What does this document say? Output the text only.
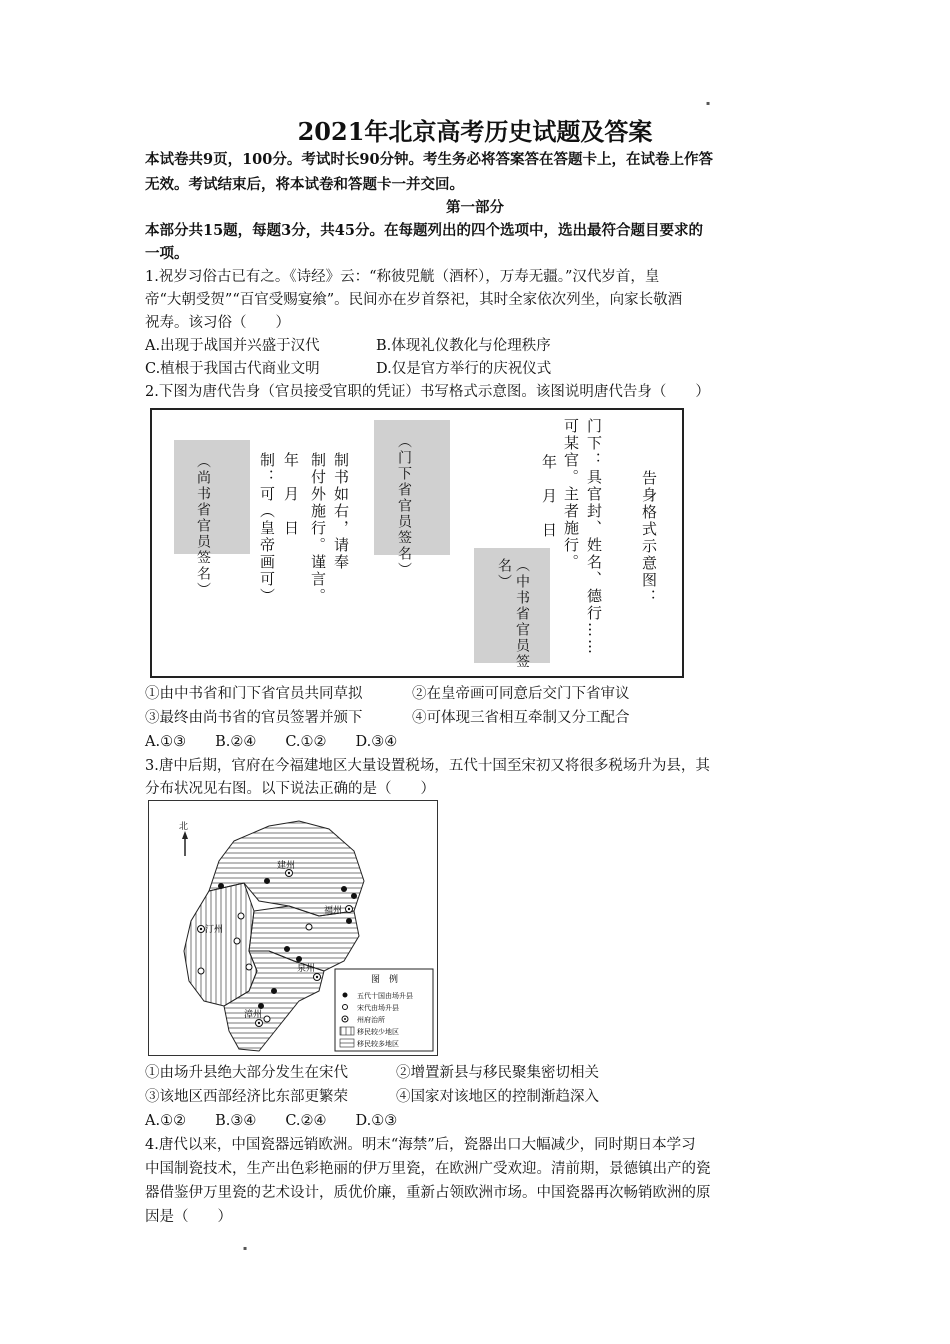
2021年北京高考历史试题及答案
本试卷共9页，100分。考试时长90分钟。考生务必将答案答在答题卡上，在试卷上作答
无效。考试结束后，将本试卷和答题卡一并交回。
第一部分
本部分共15题，每题3分，共45分。在每题列出的四个选项中，选出最符合题目要求的
一项。
1.祝岁习俗古已有之。《诗经》云：“称彼兕觥（酒杯），万寿无疆。”汉代岁首，皇
帝“大朝受贺”“百官受赐宴飨”。民间亦在岁首祭祀，其时全家依次列坐，向家长敬酒
祝寿。该习俗（　　）
A.出现于战国并兴盛于汉代	B.体现礼仪教化与伦理秩序
C.植根于我国古代商业文明	D.仅是官方举行的庆祝仪式
2.下图为唐代告身（官员接受官职的凭证）书写格式示意图。该图说明唐代告身（　　）
告身格式示意图：
门下：具官封、姓名、德行……
可某官。主者施行。
年　月　日
（中书省官员签名）
（门下省官员签名）
制书如右，请奉
制付外施行。谨言。
年　月　日
制：可（皇帝画可）
（尚书省官员签名）
①由中书省和门下省官员共同草拟	②在皇帝画可同意后交门下省审议
③最终由尚书省的官员签署并颁下	④可体现三省相互牵制又分工配合
A.①③　　B.②④　　C.①②　　D.③④
3.唐中后期，官府在今福建地区大量设置税场，五代十国至宋初又将很多税场升为县，其
分布状况见右图。以下说法正确的是（　　）
北
建州
福州
汀州
泉州
漳州
图　例
五代十国由场升县
宋代由场升县
州府治所
移民较少地区
移民较多地区
①由场升县绝大部分发生在宋代	②增置新县与移民聚集密切相关
③该地区西部经济比东部更繁荣	④国家对该地区的控制渐趋深入
A.①②　　B.③④　　C.②④　　D.①③
4.唐代以来，中国瓷器远销欧洲。明末“海禁”后，瓷器出口大幅减少，同时期日本学习
中国制瓷技术，生产出色彩艳丽的伊万里瓷，在欧洲广受欢迎。清前期，景德镇出产的瓷
器借鉴伊万里瓷的艺术设计，质优价廉，重新占领欧洲市场。中国瓷器再次畅销欧洲的原
因是（　　）
▪
▪
